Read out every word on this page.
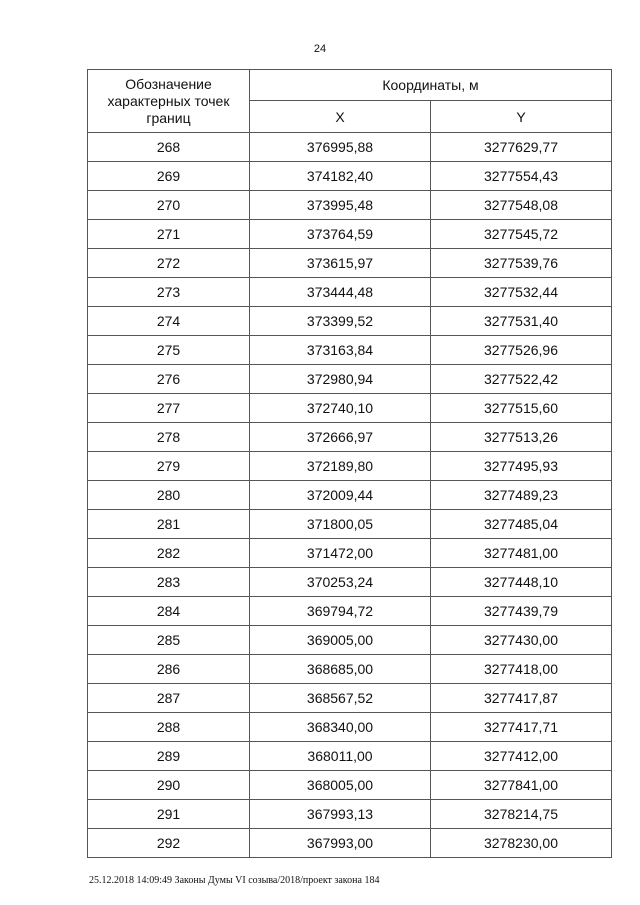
24
Обозначение характерных точек границ	Координаты, м	
	X	Y
268	376995,88	3277629,77
269	374182,40	3277554,43
270	373995,48	3277548,08
271	373764,59	3277545,72
272	373615,97	3277539,76
273	373444,48	3277532,44
274	373399,52	3277531,40
275	373163,84	3277526,96
276	372980,94	3277522,42
277	372740,10	3277515,60
278	372666,97	3277513,26
279	372189,80	3277495,93
280	372009,44	3277489,23
281	371800,05	3277485,04
282	371472,00	3277481,00
283	370253,24	3277448,10
284	369794,72	3277439,79
285	369005,00	3277430,00
286	368685,00	3277418,00
287	368567,52	3277417,87
288	368340,00	3277417,71
289	368011,00	3277412,00
290	368005,00	3277841,00
291	367993,13	3278214,75
292	367993,00	3278230,00
25.12.2018 14:09:49 Законы Думы VI созыва/2018/проект закона 184
